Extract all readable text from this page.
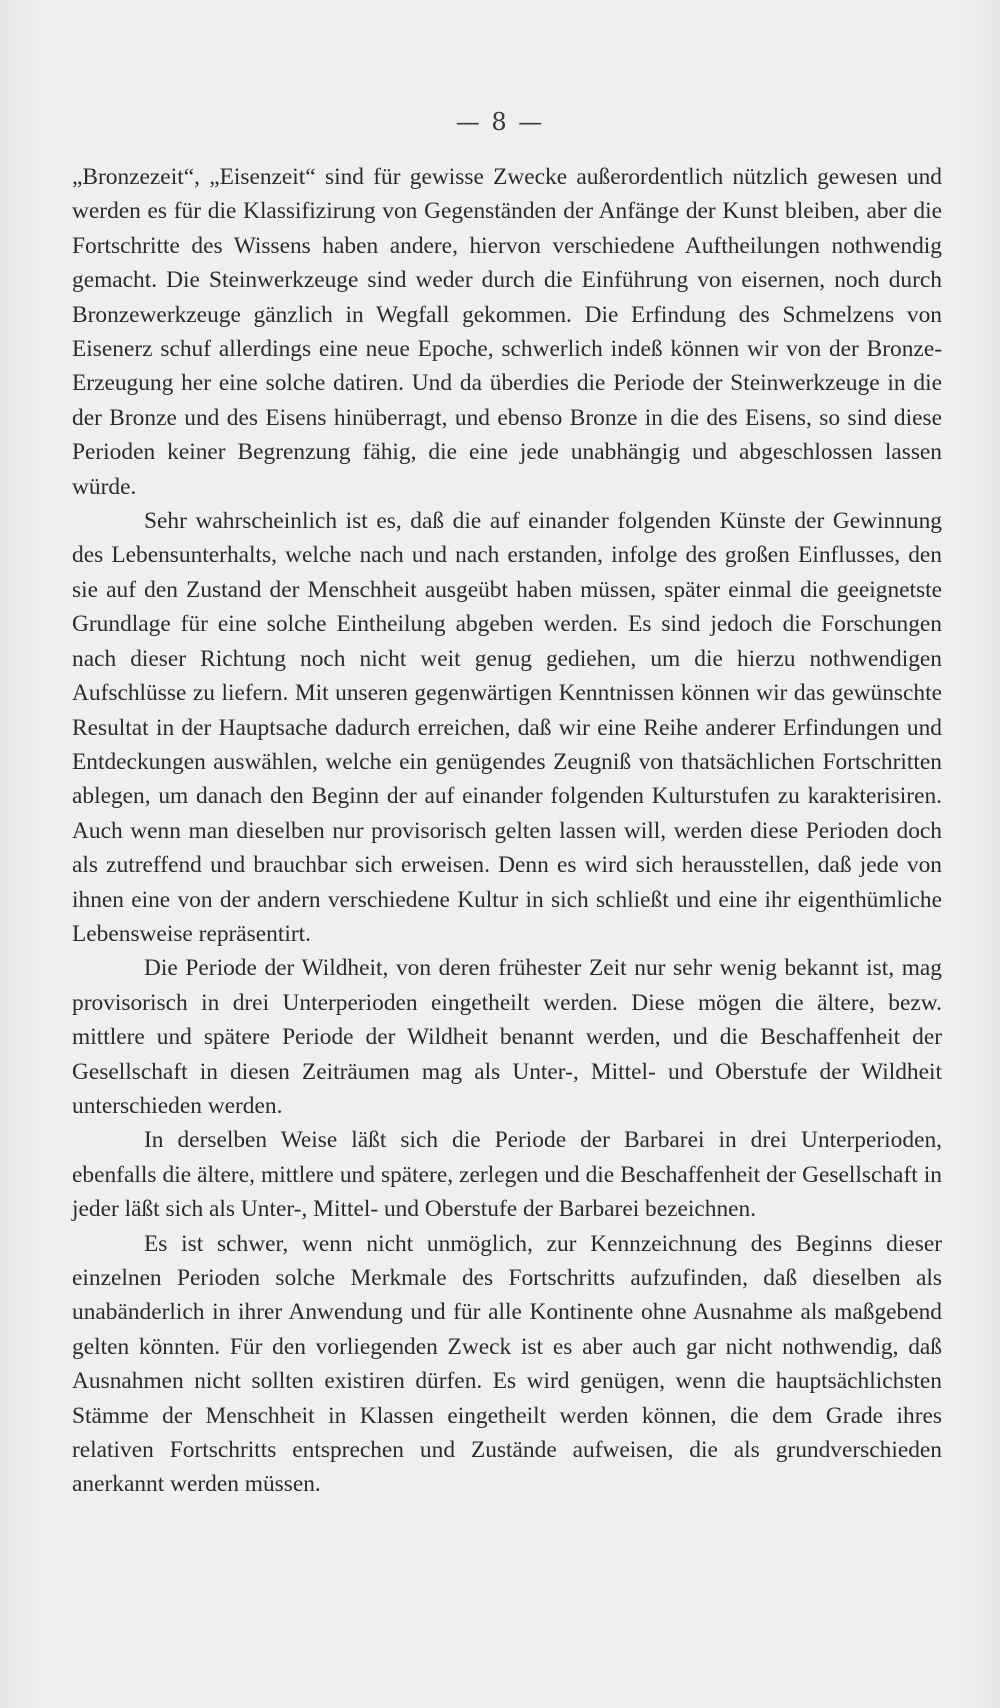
— 8 —

„Bronzezeit“, „Eisenzeit“ sind für gewisse Zwecke außerordentlich nützlich gewesen und werden es für die Klassifizirung von Gegenständen der Anfänge der Kunst bleiben, aber die Fortschritte des Wissens haben andere, hiervon verschiedene Auftheilungen nothwendig gemacht. Die Steinwerkzeuge sind weder durch die Einführung von eisernen, noch durch Bronzewerkzeuge gänzlich in Wegfall gekommen. Die Erfindung des Schmelzens von Eisenerz schuf allerdings eine neue Epoche, schwerlich indeß können wir von der Bronze-Erzeugung her eine solche datiren. Und da überdies die Periode der Steinwerkzeuge in die der Bronze und des Eisens hinüberragt, und ebenso Bronze in die des Eisens, so sind diese Perioden keiner Begrenzung fähig, die eine jede unabhängig und abgeschlossen lassen würde.

Sehr wahrscheinlich ist es, daß die auf einander folgenden Künste der Gewinnung des Lebensunterhalts, welche nach und nach erstanden, infolge des großen Einflusses, den sie auf den Zustand der Menschheit ausgeübt haben müssen, später einmal die geeignetste Grundlage für eine solche Eintheilung abgeben werden. Es sind jedoch die Forschungen nach dieser Richtung noch nicht weit genug gediehen, um die hierzu nothwendigen Aufschlüsse zu liefern. Mit unseren gegenwärtigen Kenntnissen können wir das gewünschte Resultat in der Hauptsache dadurch erreichen, daß wir eine Reihe anderer Erfindungen und Entdeckungen auswählen, welche ein genügendes Zeugniß von thatsächlichen Fortschritten ablegen, um danach den Beginn der auf einander folgenden Kulturstufen zu karakterisiren. Auch wenn man dieselben nur provisorisch gelten lassen will, werden diese Perioden doch als zutreffend und brauchbar sich erweisen. Denn es wird sich herausstellen, daß jede von ihnen eine von der andern verschiedene Kultur in sich schließt und eine ihr eigenthümliche Lebensweise repräsentirt.

Die Periode der Wildheit, von deren frühester Zeit nur sehr wenig bekannt ist, mag provisorisch in drei Unterperioden eingetheilt werden. Diese mögen die ältere, bezw. mittlere und spätere Periode der Wildheit benannt werden, und die Beschaffenheit der Gesellschaft in diesen Zeiträumen mag als Unter-, Mittel- und Oberstufe der Wildheit unterschieden werden.

In derselben Weise läßt sich die Periode der Barbarei in drei Unterperioden, ebenfalls die ältere, mittlere und spätere, zerlegen und die Beschaffenheit der Gesellschaft in jeder läßt sich als Unter-, Mittel- und Oberstufe der Barbarei bezeichnen.

Es ist schwer, wenn nicht unmöglich, zur Kennzeichnung des Beginns dieser einzelnen Perioden solche Merkmale des Fortschritts aufzufinden, daß dieselben als unabänderlich in ihrer Anwendung und für alle Kontinente ohne Ausnahme als maßgebend gelten könnten. Für den vorliegenden Zweck ist es aber auch gar nicht nothwendig, daß Ausnahmen nicht sollten existiren dürfen. Es wird genügen, wenn die hauptsächlichsten Stämme der Menschheit in Klassen eingetheilt werden können, die dem Grade ihres relativen Fortschritts entsprechen und Zustände aufweisen, die als grundverschieden anerkannt werden müssen.
